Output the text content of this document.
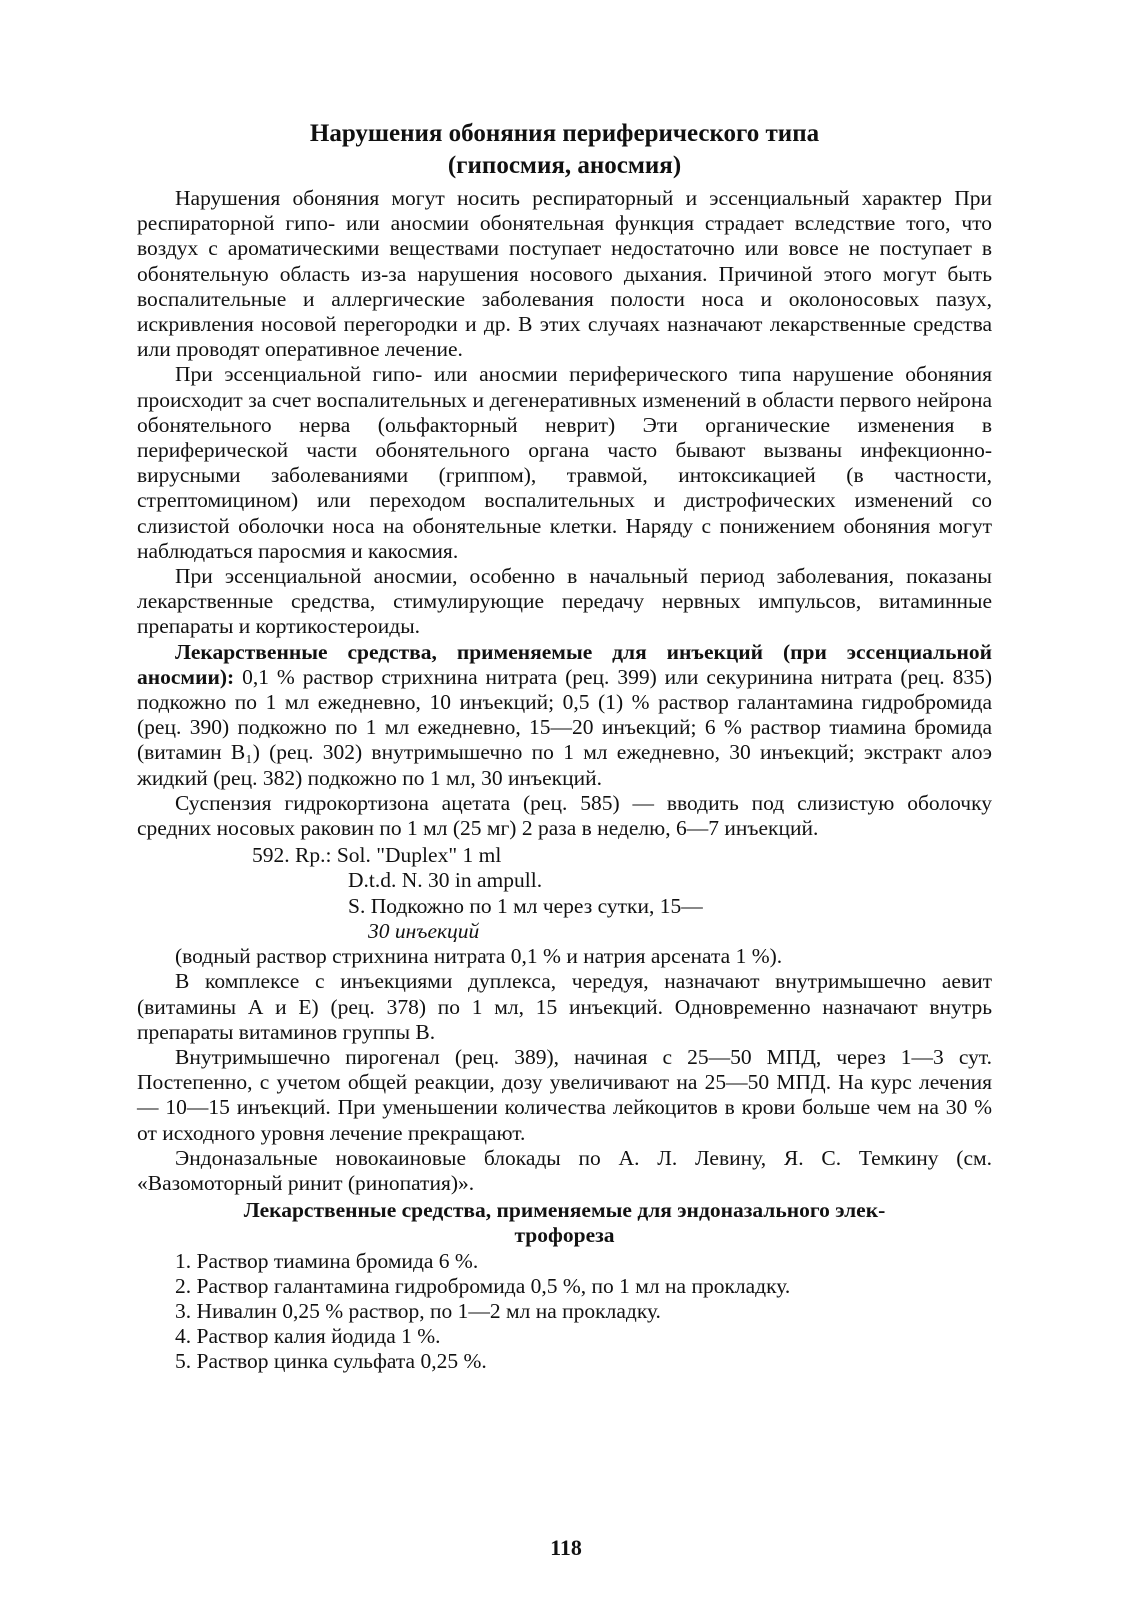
Нарушения обоняния периферического типа
(гипосмия, аносмия)

Нарушения обоняния могут носить респираторный и эссенциальный характер При респираторной гипо- или аносмии обонятельная функция страдает вследствие того, что воздух с ароматическими веществами поступает недостаточно или вовсе не поступает в обонятельную область из-за нарушения носового дыхания. Причиной этого могут быть воспалительные и аллергические заболевания полости носа и околоносовых пазух, искривления носовой перегородки и др. В этих случаях назначают лекарственные средства или проводят оперативное лечение.

При эссенциальной гипо- или аносмии периферического типа нарушение обоняния происходит за счет воспалительных и дегенеративных изменений в области первого нейрона обонятельного нерва (ольфакторный неврит) Эти органические изменения в периферической части обонятельного органа часто бывают вызваны инфекционно-вирусными заболеваниями (гриппом), травмой, интоксикацией (в частности, стрептомицином) или переходом воспалительных и дистрофических изменений со слизистой оболочки носа на обонятельные клетки. Наряду с понижением обоняния могут наблюдаться паросмия и какосмия.

При эссенциальной аносмии, особенно в начальный период заболевания, показаны лекарственные средства, стимулирующие передачу нервных импульсов, витаминные препараты и кортикостероиды.

Лекарственные средства, применяемые для инъекций (при эссенциальной аносмии): 0,1 % раствор стрихнина нитрата (рец. 399) или секуринина нитрата (рец. 835) подкожно по 1 мл ежедневно, 10 инъекций; 0,5 (1) % раствор галантамина гидробромида (рец. 390) подкожно по 1 мл ежедневно, 15—20 инъекций; 6 % раствор тиамина бромида (витамин B₁) (рец. 302) внутримышечно по 1 мл ежедневно, 30 инъекций; экстракт алоэ жидкий (рец. 382) подкожно по 1 мл, 30 инъекций.

Суспензия гидрокортизона ацетата (рец. 585) — вводить под слизистую оболочку средних носовых раковин по 1 мл (25 мг) 2 раза в неделю, 6—7 инъекций.

592. Rp.: Sol. "Duplex" 1 ml
D.t.d. N. 30 in ampull.
S. Подкожно по 1 мл через сутки, 15—
30 инъекций

(водный раствор стрихнина нитрата 0,1 % и натрия арсената 1 %).

В комплексе с инъекциями дуплекса, чередуя, назначают внутримышечно аевит (витамины А и Е) (рец. 378) по 1 мл, 15 инъекций. Одновременно назначают внутрь препараты витаминов группы В.

Внутримышечно пирогенал (рец. 389), начиная с 25—50 МПД, через 1—3 сут. Постепенно, с учетом общей реакции, дозу увеличивают на 25—50 МПД. На курс лечения — 10—15 инъекций. При уменьшении количества лейкоцитов в крови больше чем на 30 % от исходного уровня лечение прекращают.

Эндоназальные новокаиновые блокады по А. Л. Левину, Я. С. Темкину (см. «Вазомоторный ринит (ринопатия)».

Лекарственные средства, применяемые для эндоназального элек-
трофореза
1. Раствор тиамина бромида 6 %.
2. Раствор галантамина гидробромида 0,5 %, по 1 мл на прокладку.
3. Нивалин 0,25 % раствор, по 1—2 мл на прокладку.
4. Раствор калия йодида 1 %.
5. Раствор цинка сульфата 0,25 %.
118
